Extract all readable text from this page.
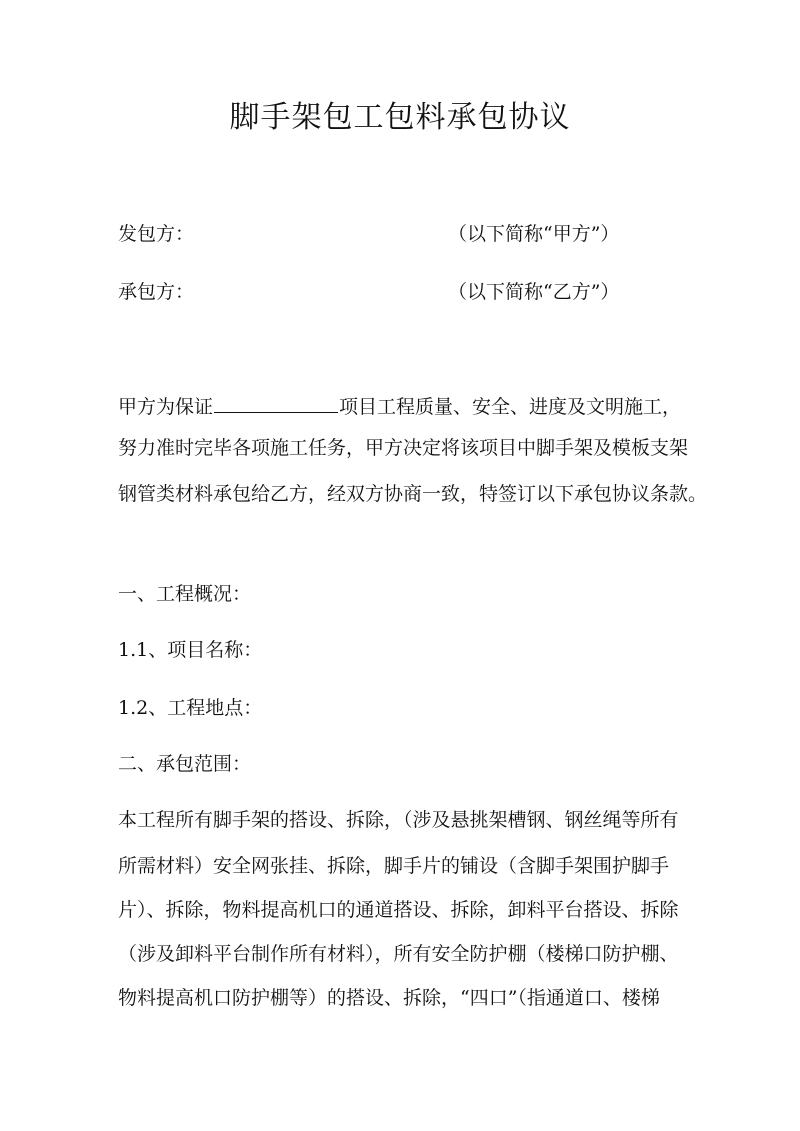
脚手架包工包料承包协议
发包方：	（以下简称“甲方”）
承包方：	（以下简称“乙方”）
甲方为保证	项目工程质量、安全、进度及文明施工，
努力准时完毕各项施工任务，甲方决定将该项目中脚手架及模板支架
钢管类材料承包给乙方，经双方协商一致，特签订以下承包协议条款。
一、工程概况：
1.1、项目名称：
1.2、工程地点：
二、承包范围：
本工程所有脚手架的搭设、拆除，（涉及悬挑架槽钢、钢丝绳等所有
所需材料）安全网张挂、拆除，脚手片的铺设（含脚手架围护脚手
片）、拆除，物料提高机口的通道搭设、拆除，卸料平台搭设、拆除
（涉及卸料平台制作所有材料），所有安全防护棚（楼梯口防护棚、
物料提高机口防护棚等）的搭设、拆除，“四口”（指通道口、楼梯
